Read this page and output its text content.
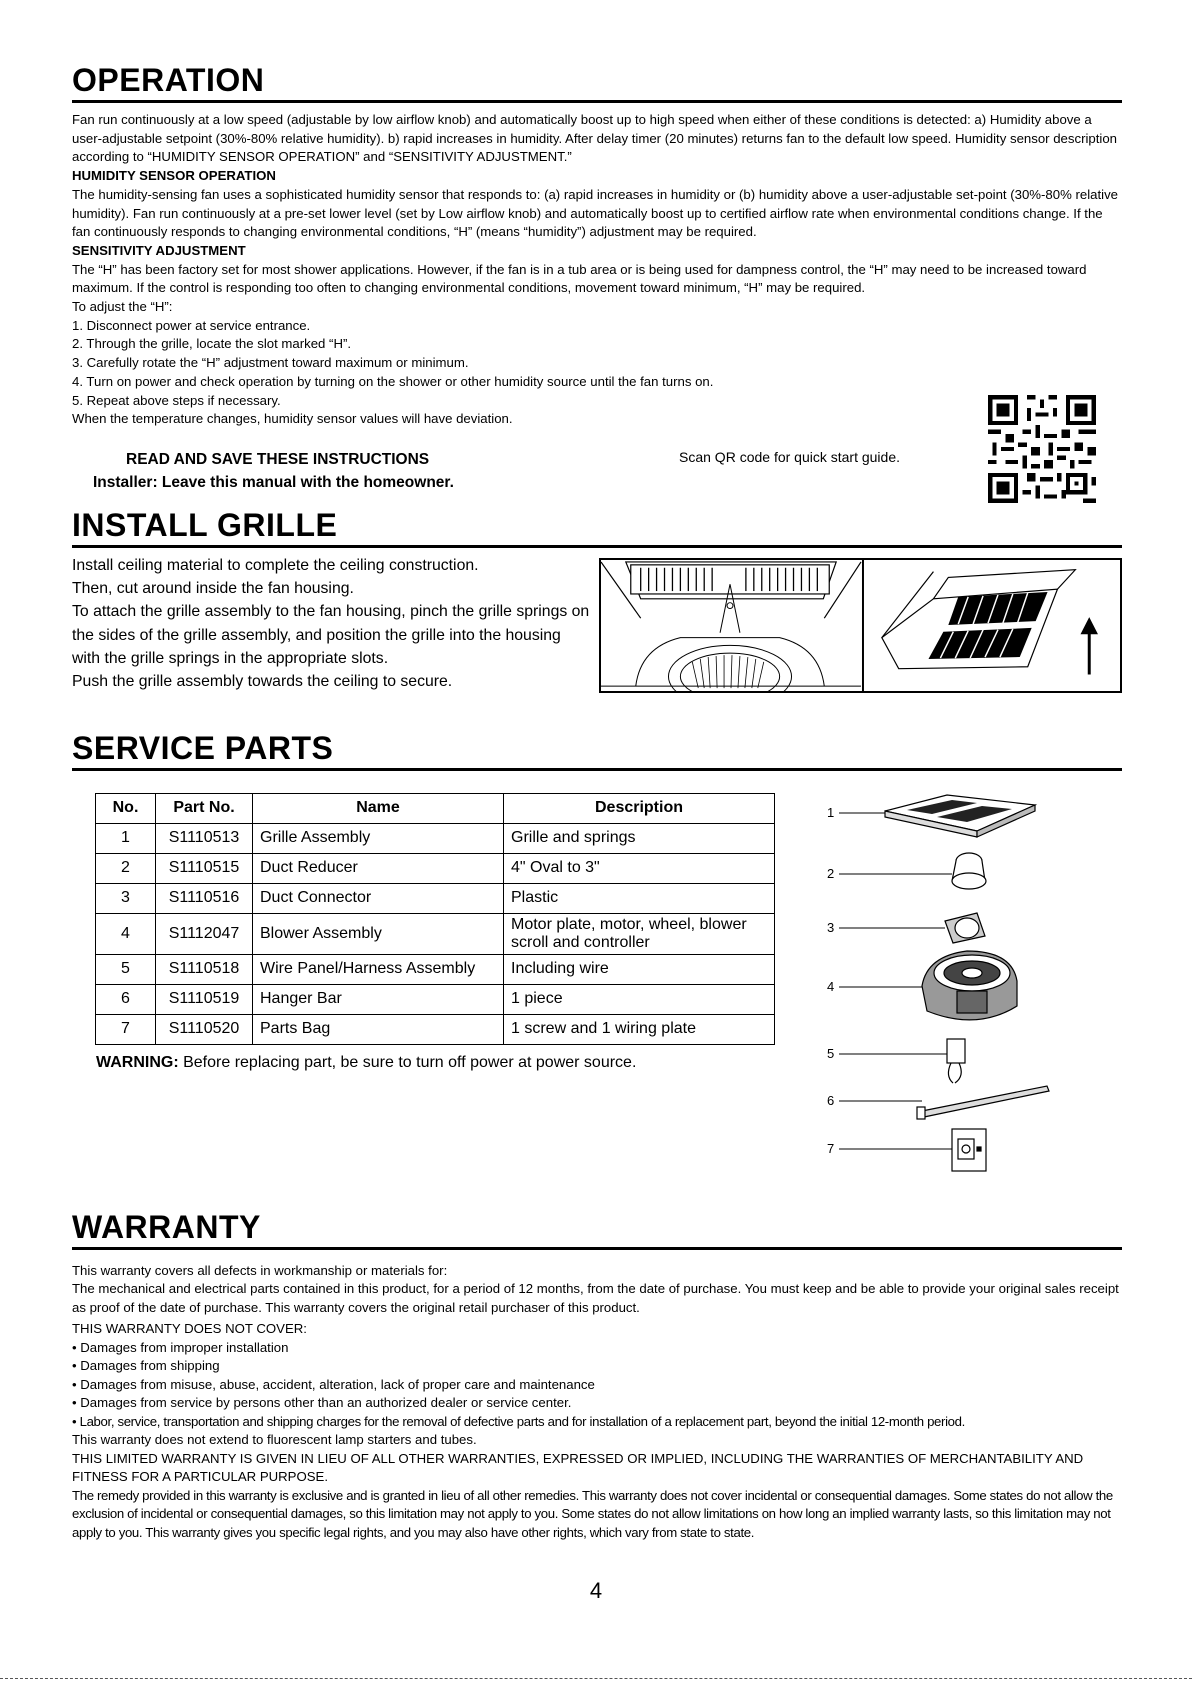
OPERATION

Fan run continuously at a low speed (adjustable by low airflow knob) and automatically boost up to high speed when either of these conditions is detected: a) Humidity above a user-adjustable setpoint (30%-80% relative humidity). b) rapid increases in humidity. After delay timer (20 minutes) returns fan to the default low speed. Humidity sensor description according to “HUMIDITY SENSOR OPERATION” and “SENSITIVITY ADJUSTMENT.”

HUMIDITY SENSOR OPERATION

The humidity-sensing fan uses a sophisticated humidity sensor that responds to: (a) rapid increases in humidity or (b) humidity above a user-adjustable set-point (30%-80% relative humidity). Fan run continuously at a pre-set lower level (set by Low airflow knob) and automatically boost up to certified airflow rate when environmental conditions change. If the fan continuously responds to changing environmental conditions, “H” (means “humidity”) adjustment may be required.

SENSITIVITY ADJUSTMENT

The “H” has been factory set for most shower applications. However, if the fan is in a tub area or is being used for dampness control, the “H” may need to be increased toward maximum. If the control is responding too often to changing environmental conditions, movement toward minimum, “H” may be required.

To adjust the “H”:

1. Disconnect power at service entrance.

2. Through the grille, locate the slot marked “H”.

3. Carefully rotate the “H” adjustment toward maximum or minimum.

4. Turn on power and check operation by turning on the shower or other humidity source until the fan turns on.

5. Repeat above steps if necessary.

When the temperature changes, humidity sensor values will have deviation.

READ AND SAVE THESE INSTRUCTIONS
Installer: Leave this manual with the homeowner.
Scan QR code for quick start guide.
INSTALL GRILLE

Install ceiling material to complete the ceiling construction.

Then, cut around inside the fan housing.

To attach the grille assembly to the fan housing, pinch the grille springs on the sides of the grille assembly, and position the grille into the housing with the grille springs in the appropriate slots.

Push the grille assembly towards the ceiling to secure.

SERVICE PARTS
No.	Part No.	Name	Description
1	S1110513	Grille Assembly	Grille and springs
2	S1110515	Duct Reducer	4" Oval to 3"
3	S1110516	Duct Connector	Plastic
4	S1112047	Blower Assembly	Motor plate, motor, wheel, blower scroll and controller
5	S1110518	Wire Panel/Harness Assembly	Including wire
6	S1110519	Hanger Bar	1 piece
7	S1110520	Parts Bag	1 screw and 1 wiring plate
WARNING: Before replacing part, be sure to turn off power at power source.
1
2
3
4
5
6
7
WARRANTY

This warranty covers all defects in workmanship or materials for:

The mechanical and electrical parts contained in this product, for a period of 12 months, from the date of purchase. You must keep and be able to provide your original sales receipt as proof of the date of purchase. This warranty covers the original retail purchaser of this product.

THIS WARRANTY DOES NOT COVER:

• Damages from improper installation

• Damages from shipping

• Damages from misuse, abuse, accident, alteration, lack of proper care and maintenance

• Damages from service by persons other than an authorized dealer or service center.

• Labor, service, transportation and shipping charges for the removal of defective parts and for installation of a replacement part, beyond the initial 12-month period.

This warranty does not extend to fluorescent lamp starters and tubes.

THIS LIMITED WARRANTY IS GIVEN IN LIEU OF ALL OTHER WARRANTIES, EXPRESSED OR IMPLIED, INCLUDING THE WARRANTIES OF MERCHANTABILITY AND FITNESS FOR A PARTICULAR PURPOSE.

The remedy provided in this warranty is exclusive and is granted in lieu of all other remedies. This warranty does not cover incidental or consequential damages. Some states do not allow the exclusion of incidental or consequential damages, so this limitation may not apply to you. Some states do not allow limitations on how long an implied warranty lasts, so this limitation may not apply to you. This warranty gives you specific legal rights, and you may also have other rights, which vary from state to state.

4
